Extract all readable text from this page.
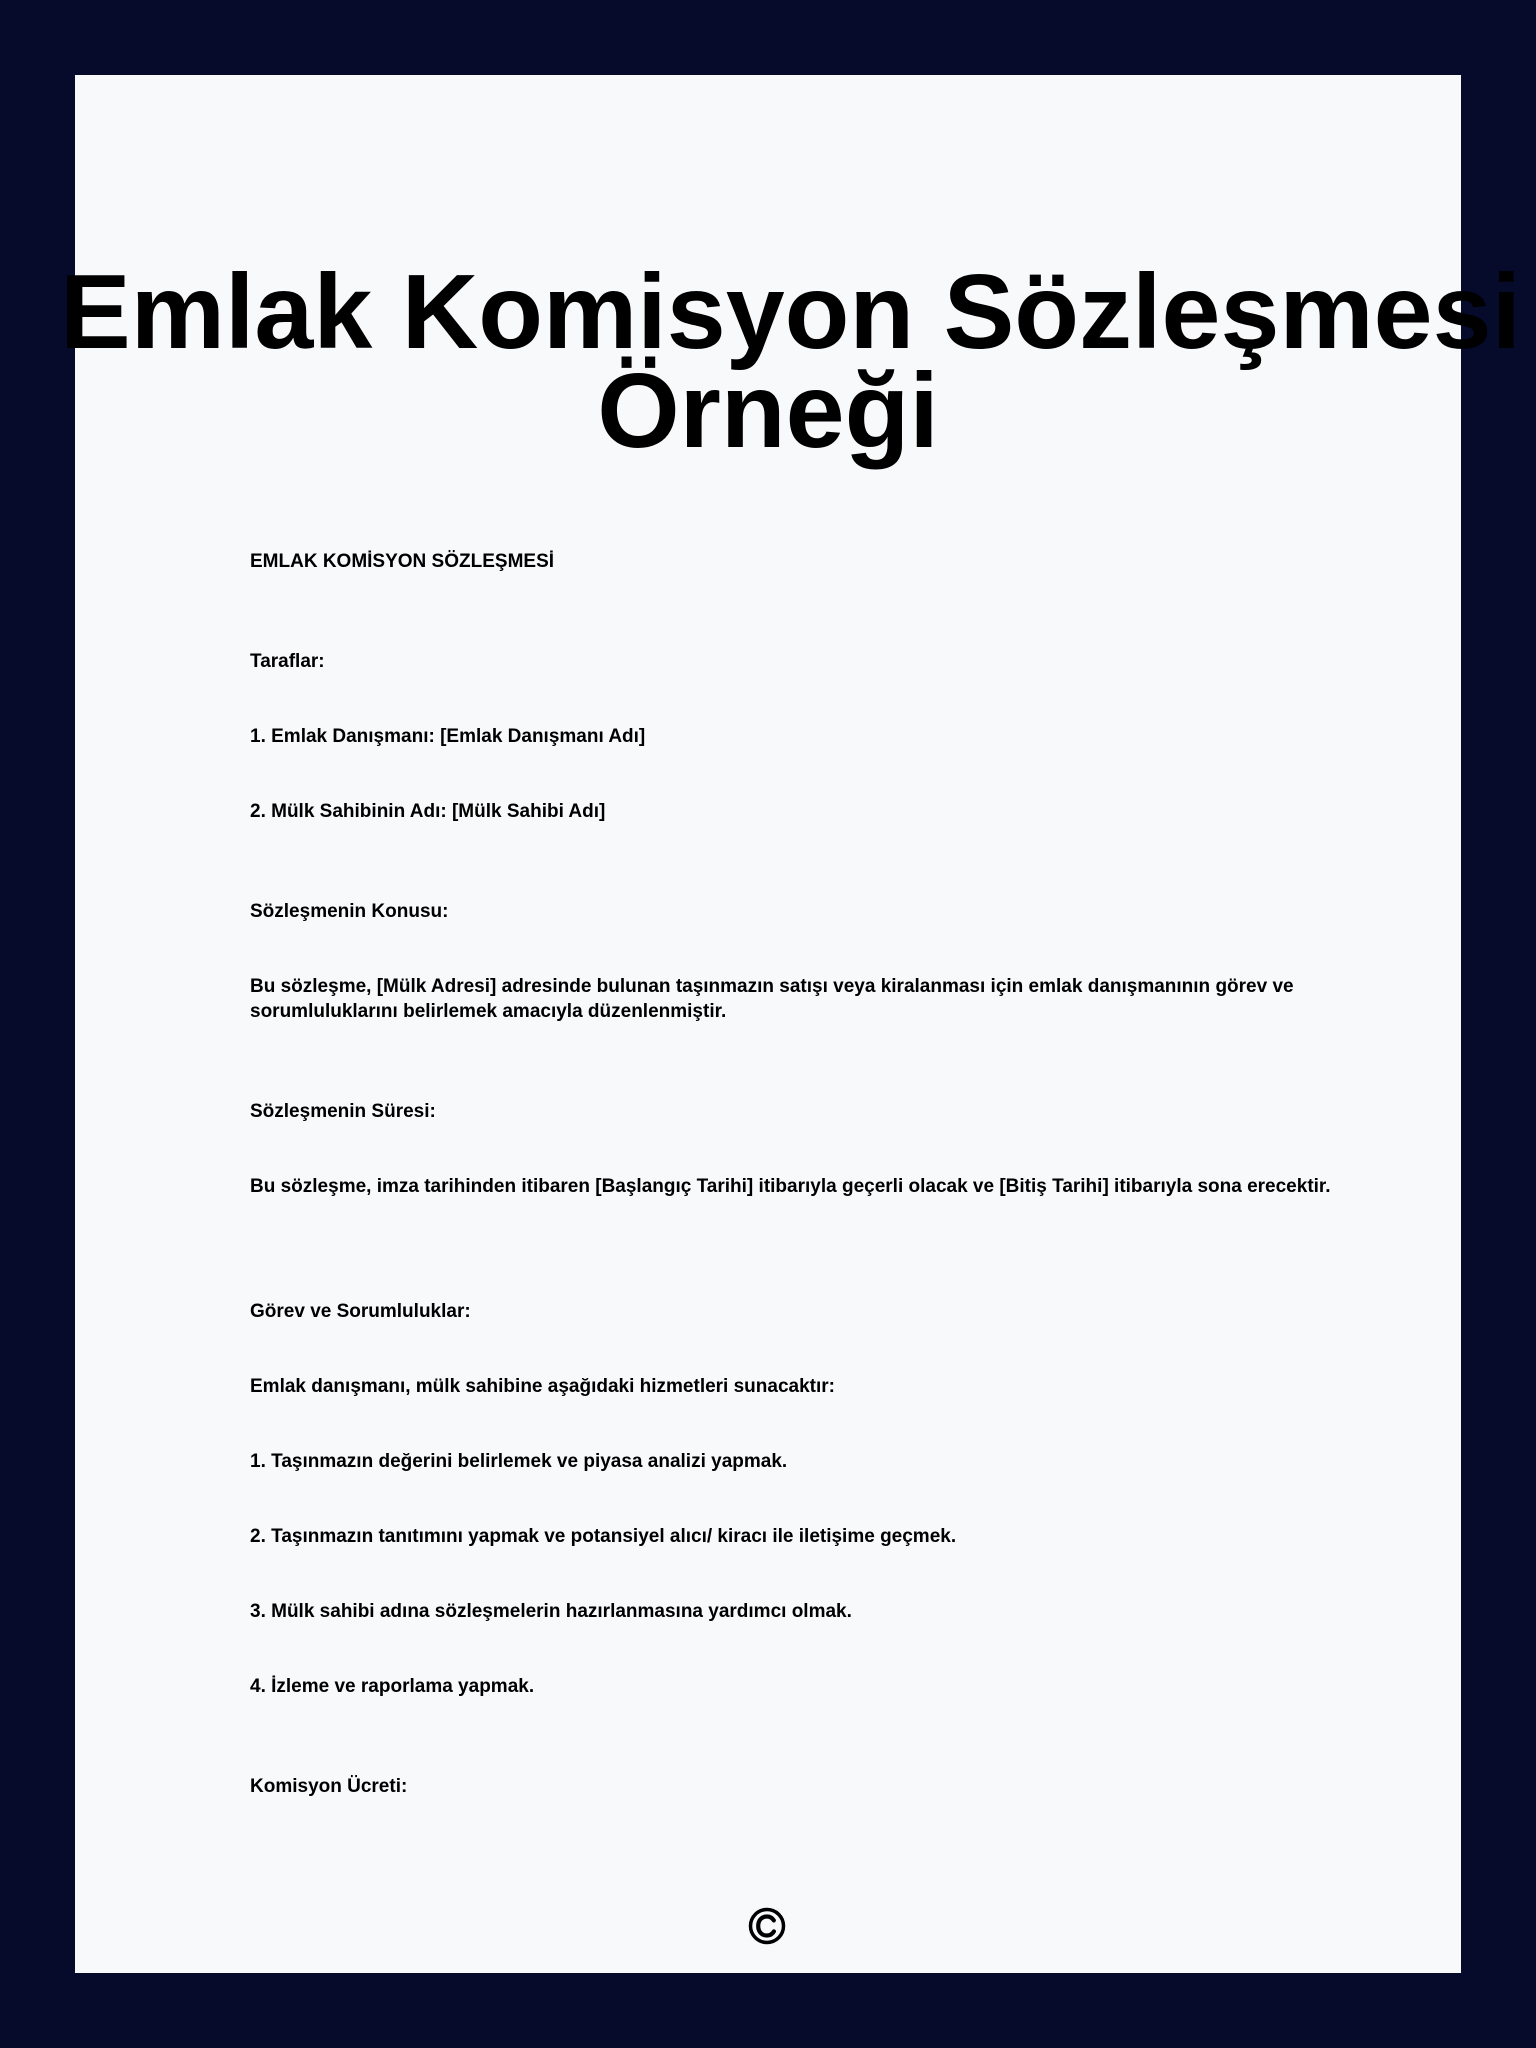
Emlak Komisyon Sözleşmesi
Örneği
EMLAK KOMİSYON SÖZLEŞMESİ
Taraflar:
1. Emlak Danışmanı: [Emlak Danışmanı Adı]
2. Mülk Sahibinin Adı: [Mülk Sahibi Adı]
Sözleşmenin Konusu:
Bu sözleşme, [Mülk Adresi] adresinde bulunan taşınmazın satışı veya kiralanması için emlak danışmanının görev ve sorumluluklarını belirlemek amacıyla düzenlenmiştir.
Sözleşmenin Süresi:
Bu sözleşme, imza tarihinden itibaren [Başlangıç Tarihi] itibarıyla geçerli olacak ve [Bitiş Tarihi] itibarıyla sona erecektir.
Görev ve Sorumluluklar:
Emlak danışmanı, mülk sahibine aşağıdaki hizmetleri sunacaktır:
1. Taşınmazın değerini belirlemek ve piyasa analizi yapmak.
2. Taşınmazın tanıtımını yapmak ve potansiyel alıcı/ kiracı ile iletişime geçmek.
3. Mülk sahibi adına sözleşmelerin hazırlanmasına yardımcı olmak.
4. İzleme ve raporlama yapmak.
Komisyon Ücreti:
